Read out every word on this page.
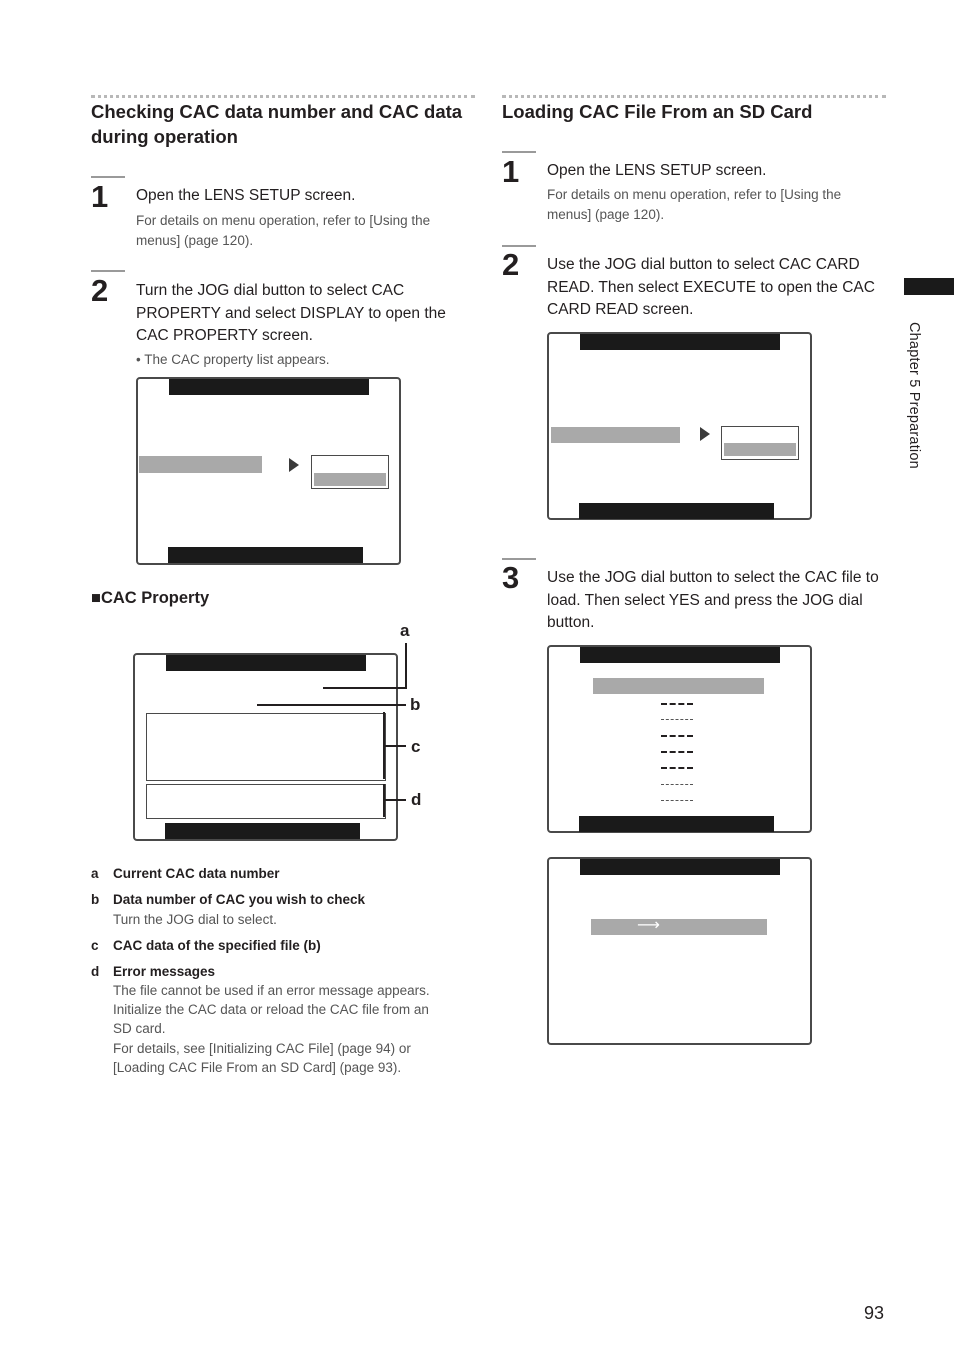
Checking CAC data number and CAC data during operation
1 Open the LENS SETUP screen.
For details on menu operation, refer to [Using the menus] (page 120).
2 Turn the JOG dial button to select CAC PROPERTY and select DISPLAY to open the CAC PROPERTY screen.
• The CAC property list appears.
■CAC Property
a
b
c
d
a Current CAC data number
b Data number of CAC you wish to check
Turn the JOG dial to select.
c CAC data of the specified file (b)
d Error messages
The file cannot be used if an error message appears.
Initialize the CAC data or reload the CAC file from an
SD card.
For details, see [Initializing CAC File] (page 94) or
[Loading CAC File From an SD Card] (page 93).
Loading CAC File From an SD Card
1 Open the LENS SETUP screen.
For details on menu operation, refer to [Using the menus] (page 120).
2 Use the JOG dial button to select CAC CARD READ. Then select EXECUTE to open the CAC CARD READ screen.
3 Use the JOG dial button to select the CAC file to load. Then select YES and press the JOG dial button.
⟶
Chapter 5 Preparation
93
